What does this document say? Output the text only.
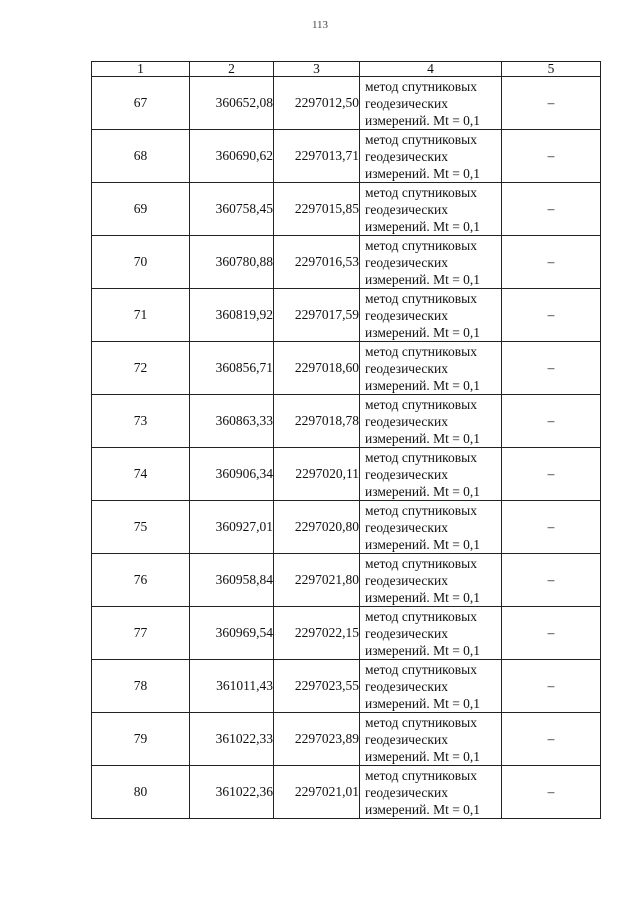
113
1	2	3	4	5
67	360652,08	2297012,50	метод спутниковых
геодезических
измерений. Mt = 0,1	–
68	360690,62	2297013,71	метод спутниковых
геодезических
измерений. Mt = 0,1	–
69	360758,45	2297015,85	метод спутниковых
геодезических
измерений. Mt = 0,1	–
70	360780,88	2297016,53	метод спутниковых
геодезических
измерений. Mt = 0,1	–
71	360819,92	2297017,59	метод спутниковых
геодезических
измерений. Mt = 0,1	–
72	360856,71	2297018,60	метод спутниковых
геодезических
измерений. Mt = 0,1	–
73	360863,33	2297018,78	метод спутниковых
геодезических
измерений. Mt = 0,1	–
74	360906,34	2297020,11	метод спутниковых
геодезических
измерений. Mt = 0,1	–
75	360927,01	2297020,80	метод спутниковых
геодезических
измерений. Mt = 0,1	–
76	360958,84	2297021,80	метод спутниковых
геодезических
измерений. Mt = 0,1	–
77	360969,54	2297022,15	метод спутниковых
геодезических
измерений. Mt = 0,1	–
78	361011,43	2297023,55	метод спутниковых
геодезических
измерений. Mt = 0,1	–
79	361022,33	2297023,89	метод спутниковых
геодезических
измерений. Mt = 0,1	–
80	361022,36	2297021,01	метод спутниковых
геодезических
измерений. Mt = 0,1	–
